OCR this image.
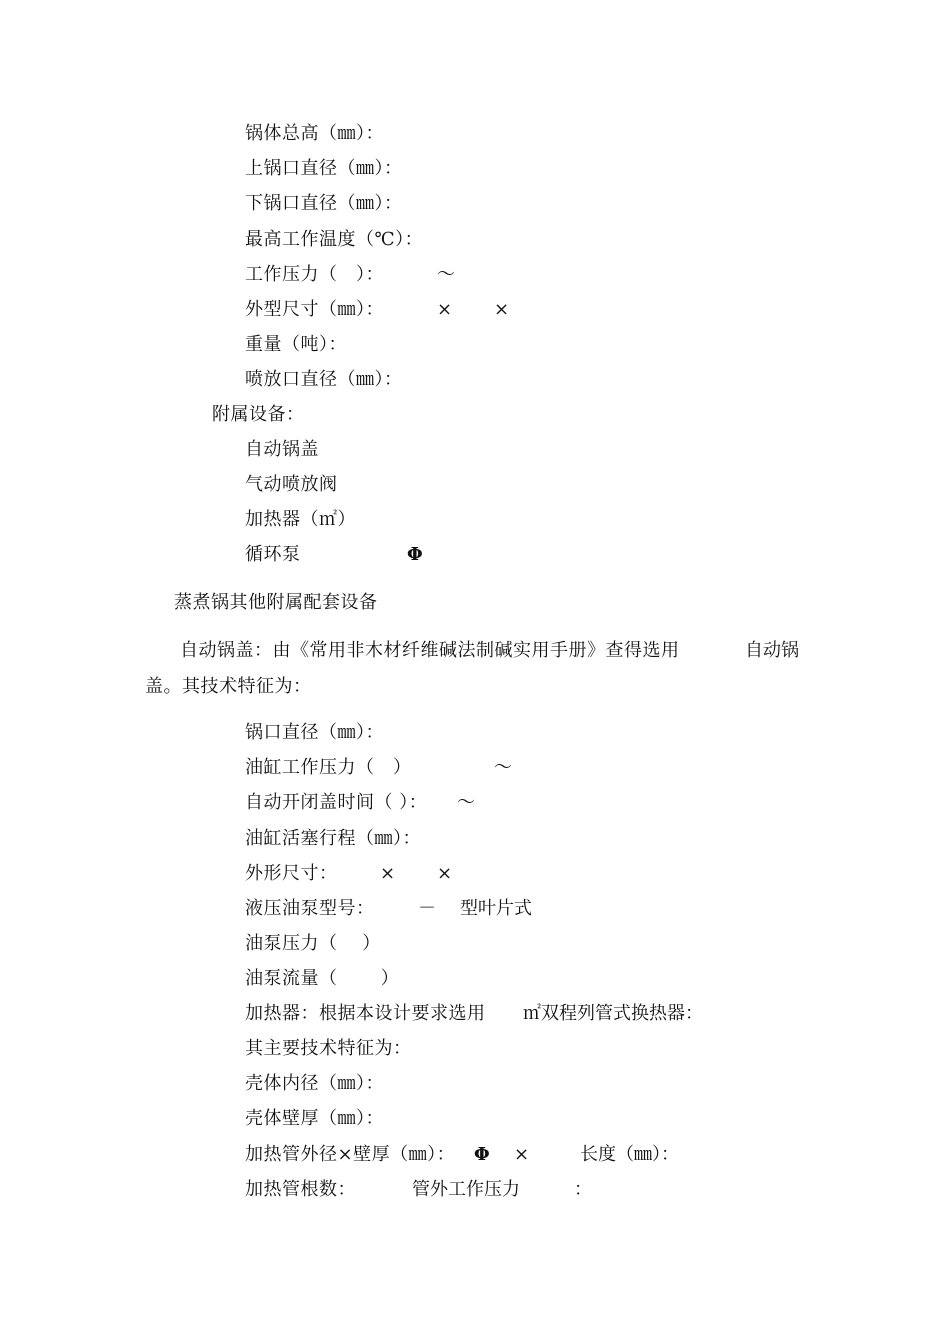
锅体总高（㎜）：
上锅口直径（㎜）：
下锅口直径（㎜）：
最高工作温度（℃）：
工作压力（　）：	～
外型尺寸（㎜）：	× ×
重量（吨）：
喷放口直径（㎜）：
附属设备：
自动锅盖
气动喷放阀
加热器（㎡）
循环泵	Φ
蒸煮锅其他附属配套设备
自动锅盖：由《常用非木材纤维碱法制碱实用手册》查得选用	自动锅
盖。其技术特征为：
锅口直径（㎜）：
油缸工作压力（　）	～
自动开闭盖时间（ ）： ～
油缸活塞行程（㎜）：
外形尺寸： × ×
液压油泵型号： － 型叶片式
油泵压力（　 ）
油泵流量（　　 ）
加热器：根据本设计要求选用 ㎡双程列管式换热器：
其主要技术特征为：
壳体内径（㎜）：
壳体壁厚（㎜）：
加热管外径×壁厚（㎜）： Φ ×	长度（㎜）：
加热管根数：	管外工作压力	：
